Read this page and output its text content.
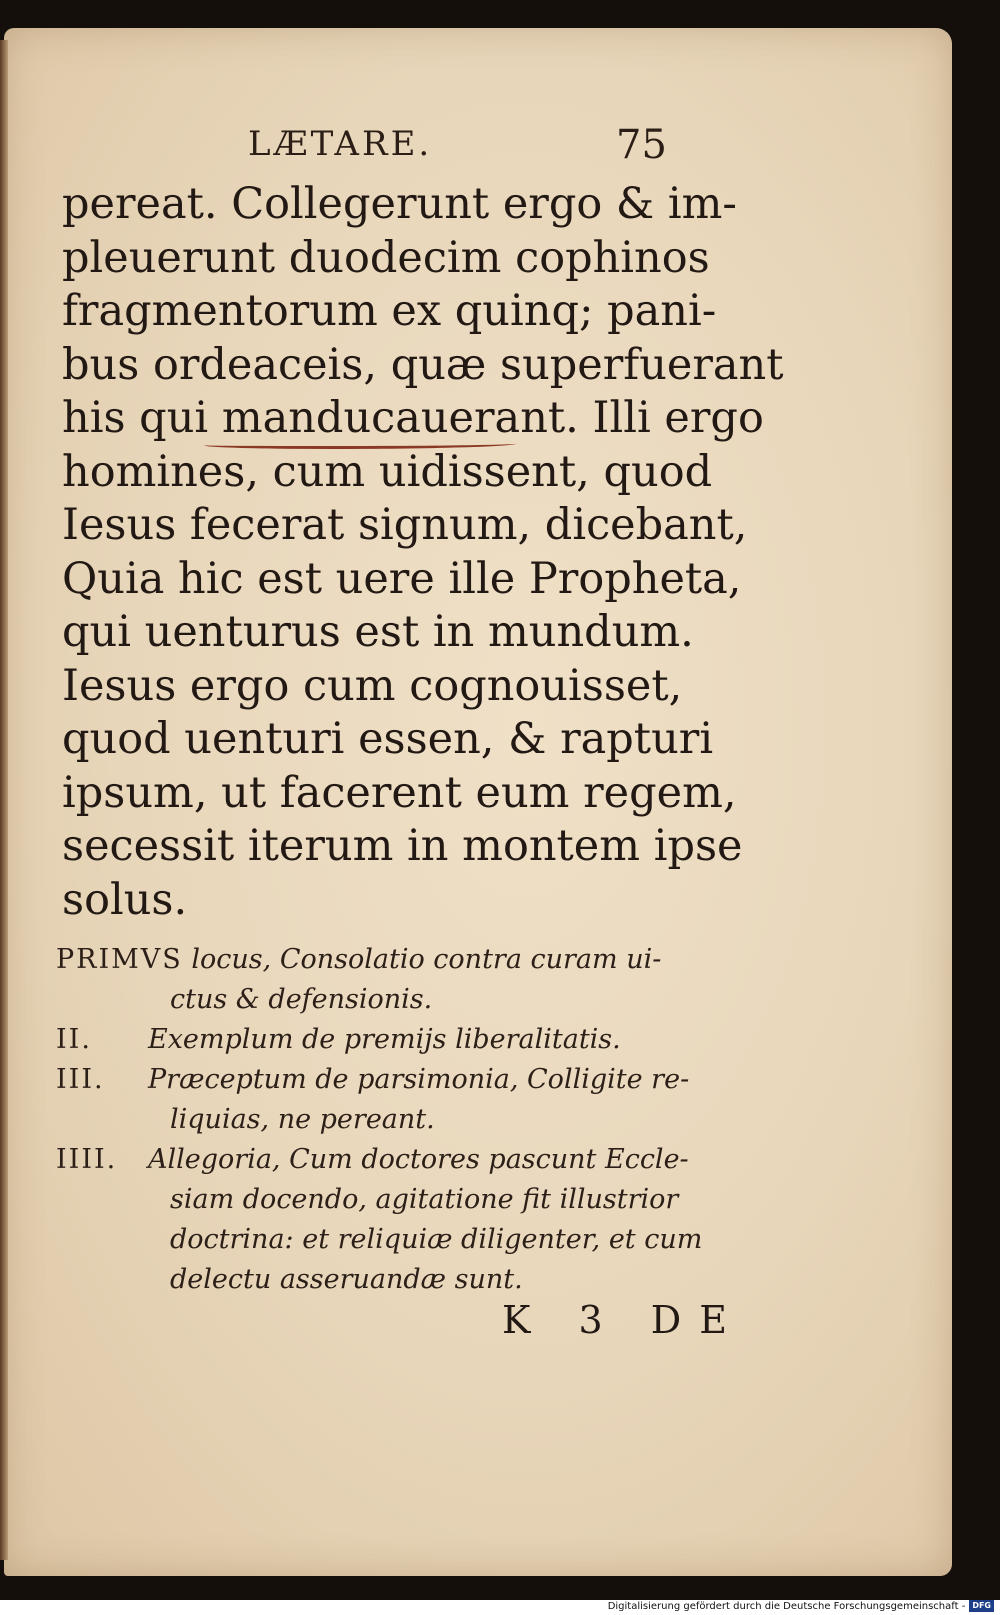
LÆTARE.	75
pereat. Collegerunt ergo & im-
pleuerunt duodecim cophinos
fragmentorum ex quinq; pani-
bus ordeaceis, quæ superfuerant
his qui manducauerant. Illi ergo
homines, cum uidissent, quod
Iesus fecerat signum, dicebant,
Quia hic est uere ille Propheta,
qui uenturus est in mundum.
Iesus ergo cum cognouisset,
quod uenturi essen, & rapturi
ipsum, ut facerent eum regem,
secessit iterum in montem ipse
solus.
PRIMVS locus, Consolatio contra curam ui-
ctus & defensionis.
II.	Exemplum de premijs liberalitatis.
III.	Præceptum de parsimonia, Colligite re-
liquias, ne pereant.
IIII.	Allegoria, Cum doctores pascunt Eccle-
siam docendo, agitatione fit illustrior
doctrina: et reliquiæ diligenter, et cum
delectu asseruandæ sunt.
K 3 DE
Digitalisierung gefördert durch die Deutsche Forschungsgemeinschaft - DFG
